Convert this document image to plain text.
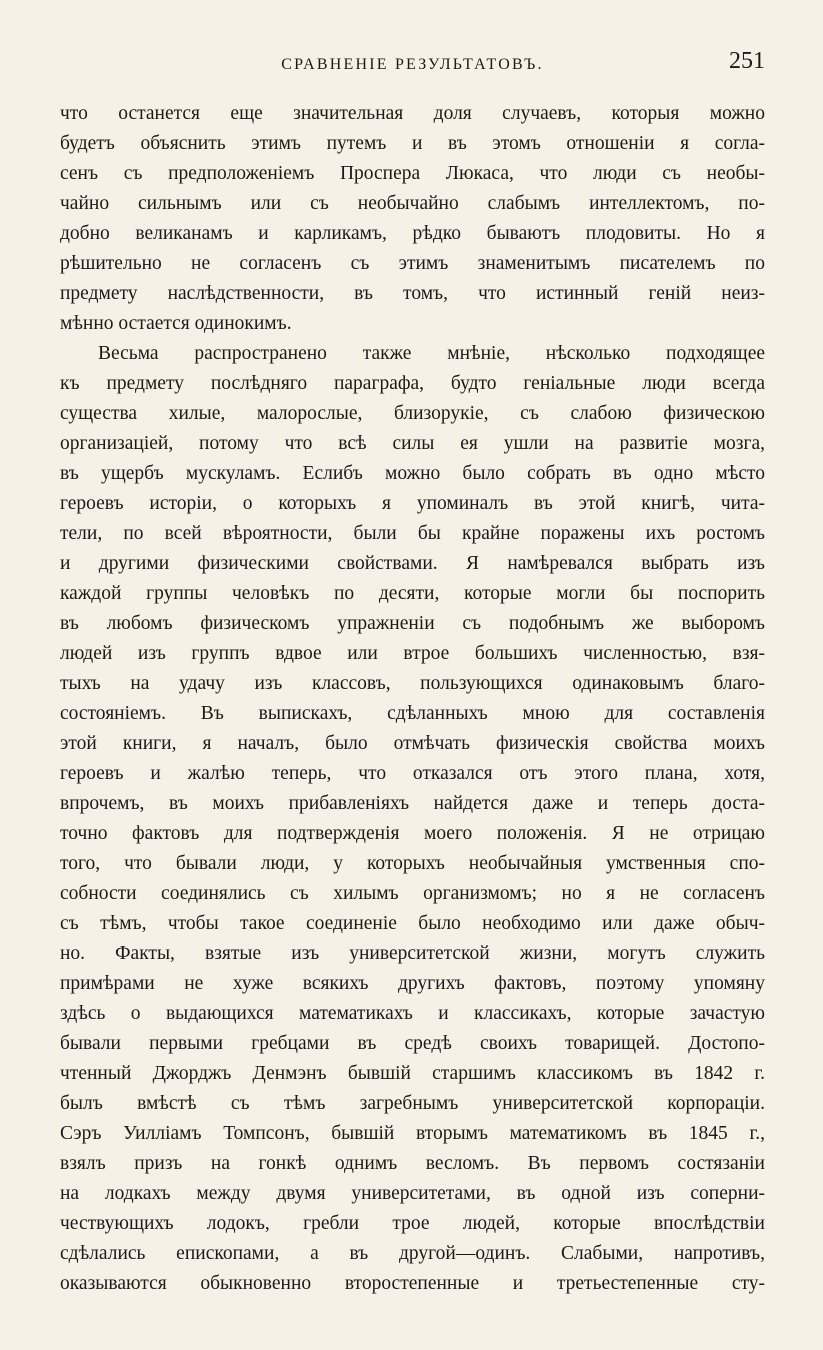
СРАВНЕНІЕ РЕЗУЛЬТАТОВЪ.	251
что останется еще значительная доля случаевъ, которыя можно
будетъ объяснить этимъ путемъ и въ этомъ отношеніи я согла-
сенъ съ предположеніемъ Проспера Люкаса, что люди съ необы-
чайно сильнымъ или съ необычайно слабымъ интеллектомъ, по-
добно великанамъ и карликамъ, рѣдко бываютъ плодовиты. Но я
рѣшительно не согласенъ съ этимъ знаменитымъ писателемъ по
предмету наслѣдственности, въ томъ, что истинный геній неиз-
мѣнно остается одинокимъ.
Весьма распространено также мнѣніе, нѣсколько подходящее
къ предмету послѣдняго параграфа, будто геніальные люди всегда
существа хилые, малорослые, близорукіе, съ слабою физическою
организаціей, потому что всѣ силы ея ушли на развитіе мозга,
въ ущербъ мускуламъ. Еслибъ можно было собрать въ одно мѣсто
героевъ исторіи, о которыхъ я упоминалъ въ этой книгѣ, чита-
тели, по всей вѣроятности, были бы крайне поражены ихъ ростомъ
и другими физическими свойствами. Я намѣревался выбрать изъ
каждой группы человѣкъ по десяти, которые могли бы поспорить
въ любомъ физическомъ упражненіи съ подобнымъ же выборомъ
людей изъ группъ вдвое или втрое большихъ численностью, взя-
тыхъ на удачу изъ классовъ, пользующихся одинаковымъ благо-
состояніемъ. Въ выпискахъ, сдѣланныхъ мною для составленія
этой книги, я началъ, было отмѣчать физическія свойства моихъ
героевъ и жалѣю теперь, что отказался отъ этого плана, хотя,
впрочемъ, въ моихъ прибавленіяхъ найдется даже и теперь доста-
точно фактовъ для подтвержденія моего положенія. Я не отрицаю
того, что бывали люди, у которыхъ необычайныя умственныя спо-
собности соединялись съ хилымъ организмомъ; но я не согласенъ
съ тѣмъ, чтобы такое соединеніе было необходимо или даже обыч-
но. Факты, взятые изъ университетской жизни, могутъ служить
примѣрами не хуже всякихъ другихъ фактовъ, поэтому упомяну
здѣсь о выдающихся математикахъ и классикахъ, которые зачастую
бывали первыми гребцами въ средѣ своихъ товарищей. Достопо-
чтенный Джорджъ Денмэнъ бывшій старшимъ классикомъ въ 1842 г.
былъ вмѣстѣ съ тѣмъ загребнымъ университетской корпораціи.
Сэръ Уилліамъ Томпсонъ, бывшій вторымъ математикомъ въ 1845 г.,
взялъ призъ на гонкѣ однимъ весломъ. Въ первомъ состязаніи
на лодкахъ между двумя университетами, въ одной изъ соперни-
чествующихъ лодокъ, гребли трое людей, которые впослѣдствіи
сдѣлались епископами, а въ другой—одинъ. Слабыми, напротивъ,
оказываются обыкновенно второстепенные и третьестепенные сту-
